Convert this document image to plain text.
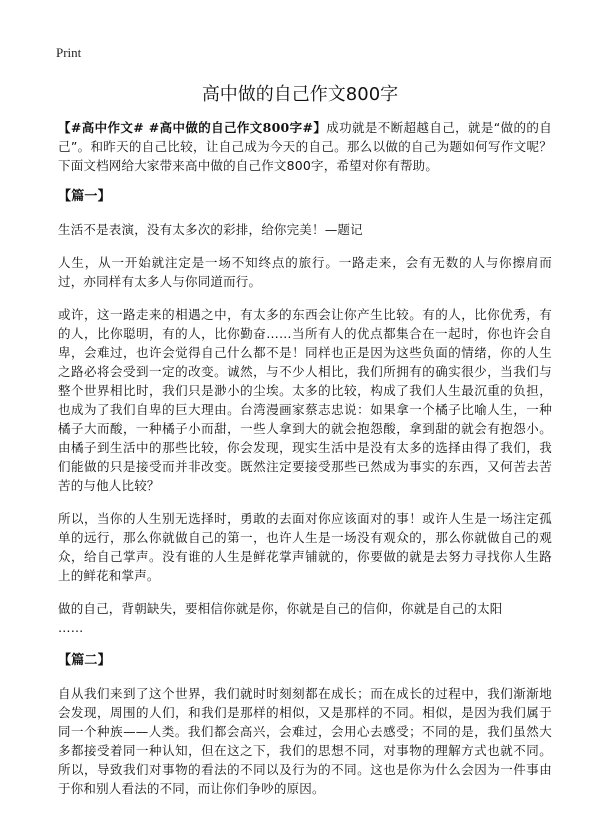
Print
高中做的自己作文800字

【#高中作文# #高中做的自己作文800字#】成功就是不断超越自己，就是“做的的自己”。和昨天的自己比较，让自己成为今天的自己。那么以做的自己为题如何写作文呢？下面文档网给大家带来高中做的自己作文800字，希望对你有帮助。

【篇一】

生活不是表演，没有太多次的彩排，给你完美！—题记

人生，从一开始就注定是一场不知终点的旅行。一路走来，会有无数的人与你擦肩而过，亦同样有太多人与你同道而行。

或许，这一路走来的相遇之中，有太多的东西会让你产生比较。有的人，比你优秀，有的人，比你聪明，有的人，比你勤奋……当所有人的优点都集合在一起时，你也许会自卑，会难过，也许会觉得自己什么都不是！同样也正是因为这些负面的情绪，你的人生之路必将会受到一定的改变。诚然，与不少人相比，我们所拥有的确实很少，当我们与整个世界相比时，我们只是渺小的尘埃。太多的比较，构成了我们人生最沉重的负担，也成为了我们自卑的巨大理由。台湾漫画家蔡志忠说：如果拿一个橘子比喻人生，一种橘子大而酸，一种橘子小而甜，一些人拿到大的就会抱怨酸，拿到甜的就会有抱怨小。由橘子到生活中的那些比较，你会发现，现实生活中是没有太多的选择由得了我们，我们能做的只是接受而并非改变。既然注定要接受那些已然成为事实的东西，又何苦去苦苦的与他人比较？

所以，当你的人生别无选择时，勇敢的去面对你应该面对的事！或许人生是一场注定孤单的远行，那么你就做自己的第一，也许人生是一场没有观众的，那么你就做自己的观众，给自己掌声。没有谁的人生是鲜花掌声铺就的，你要做的就是去努力寻找你人生路上的鲜花和掌声。

做的自己，背朝缺失，要相信你就是你，你就是自己的信仰，你就是自己的太阳

……

【篇二】

自从我们来到了这个世界，我们就时时刻刻都在成长；而在成长的过程中，我们渐渐地会发现，周围的人们，和我们是那样的相似，又是那样的不同。相似，是因为我们属于同一个种族——人类。我们都会高兴，会难过，会用心去感受；不同的是，我们虽然大多都接受着同一种认知，但在这之下，我们的思想不同，对事物的理解方式也就不同。所以，导致我们对事物的看法的不同以及行为的不同。这也是你为什么会因为一件事由于你和别人看法的不同，而让你们争吵的原因。
